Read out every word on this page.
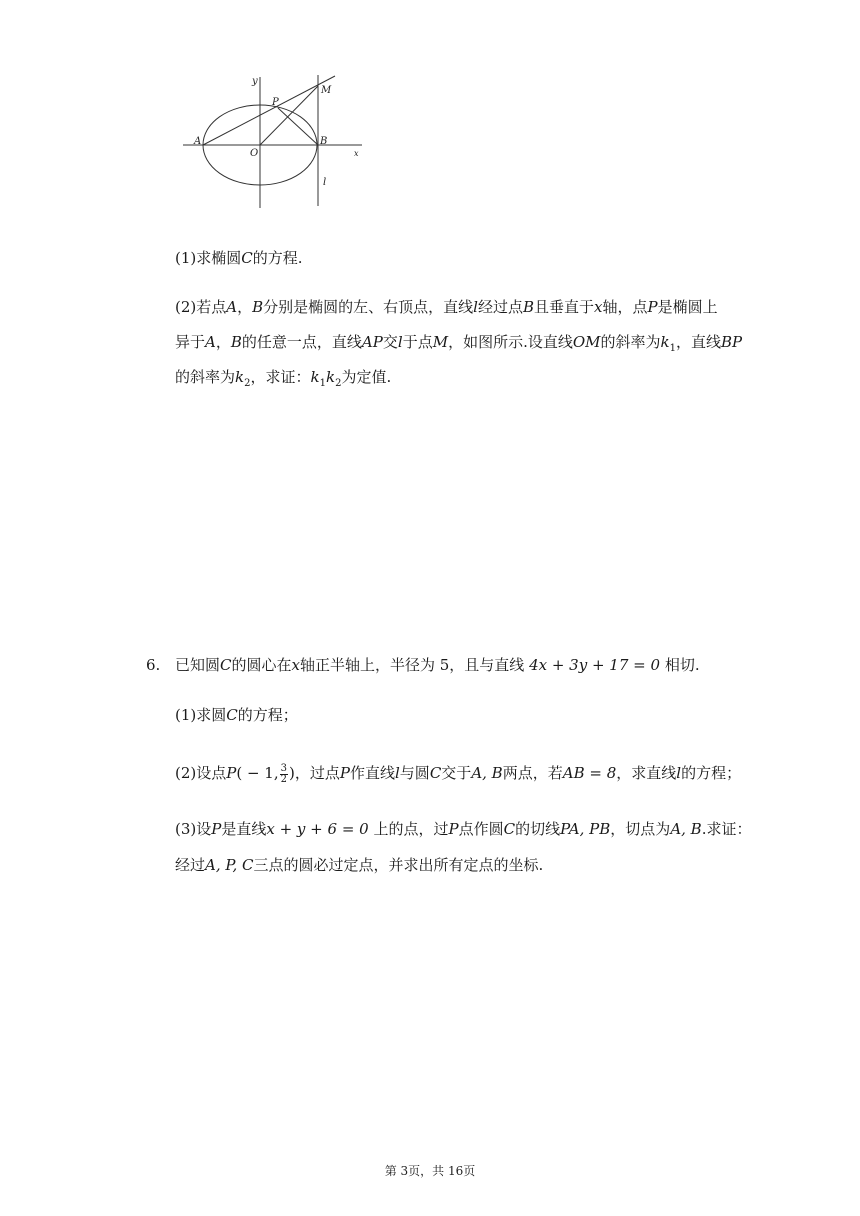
y
x
A	B
O
P
M
l
(1)求椭圆C的方程.
(2)若点A，B分别是椭圆的左、右顶点，直线l经过点B且垂直于x轴，点P是椭圆上
异于A，B的任意一点，直线AP交l于点M，如图所示.设直线OM的斜率为$k_1$，直线BP
的斜率为$k_2$，求证：$k_1k_2$为定值.
6. 已知圆C的圆心在x轴正半轴上，半径为 5，且与直线 4x + 3y + 17 = 0 相切.
(1)求圆C的方程；
(2)设点P( − 1, $\frac{3}{2}$ )，过点P作直线l与圆C交于A, B两点，若AB = 8，求直线l的方程；
(3)设P是直线x + y + 6 = 0 上的点，过P点作圆C的切线PA, PB，切点为A, B.求证：
经过A, P, C三点的圆必过定点，并求出所有定点的坐标.
第 3页，共 16页
